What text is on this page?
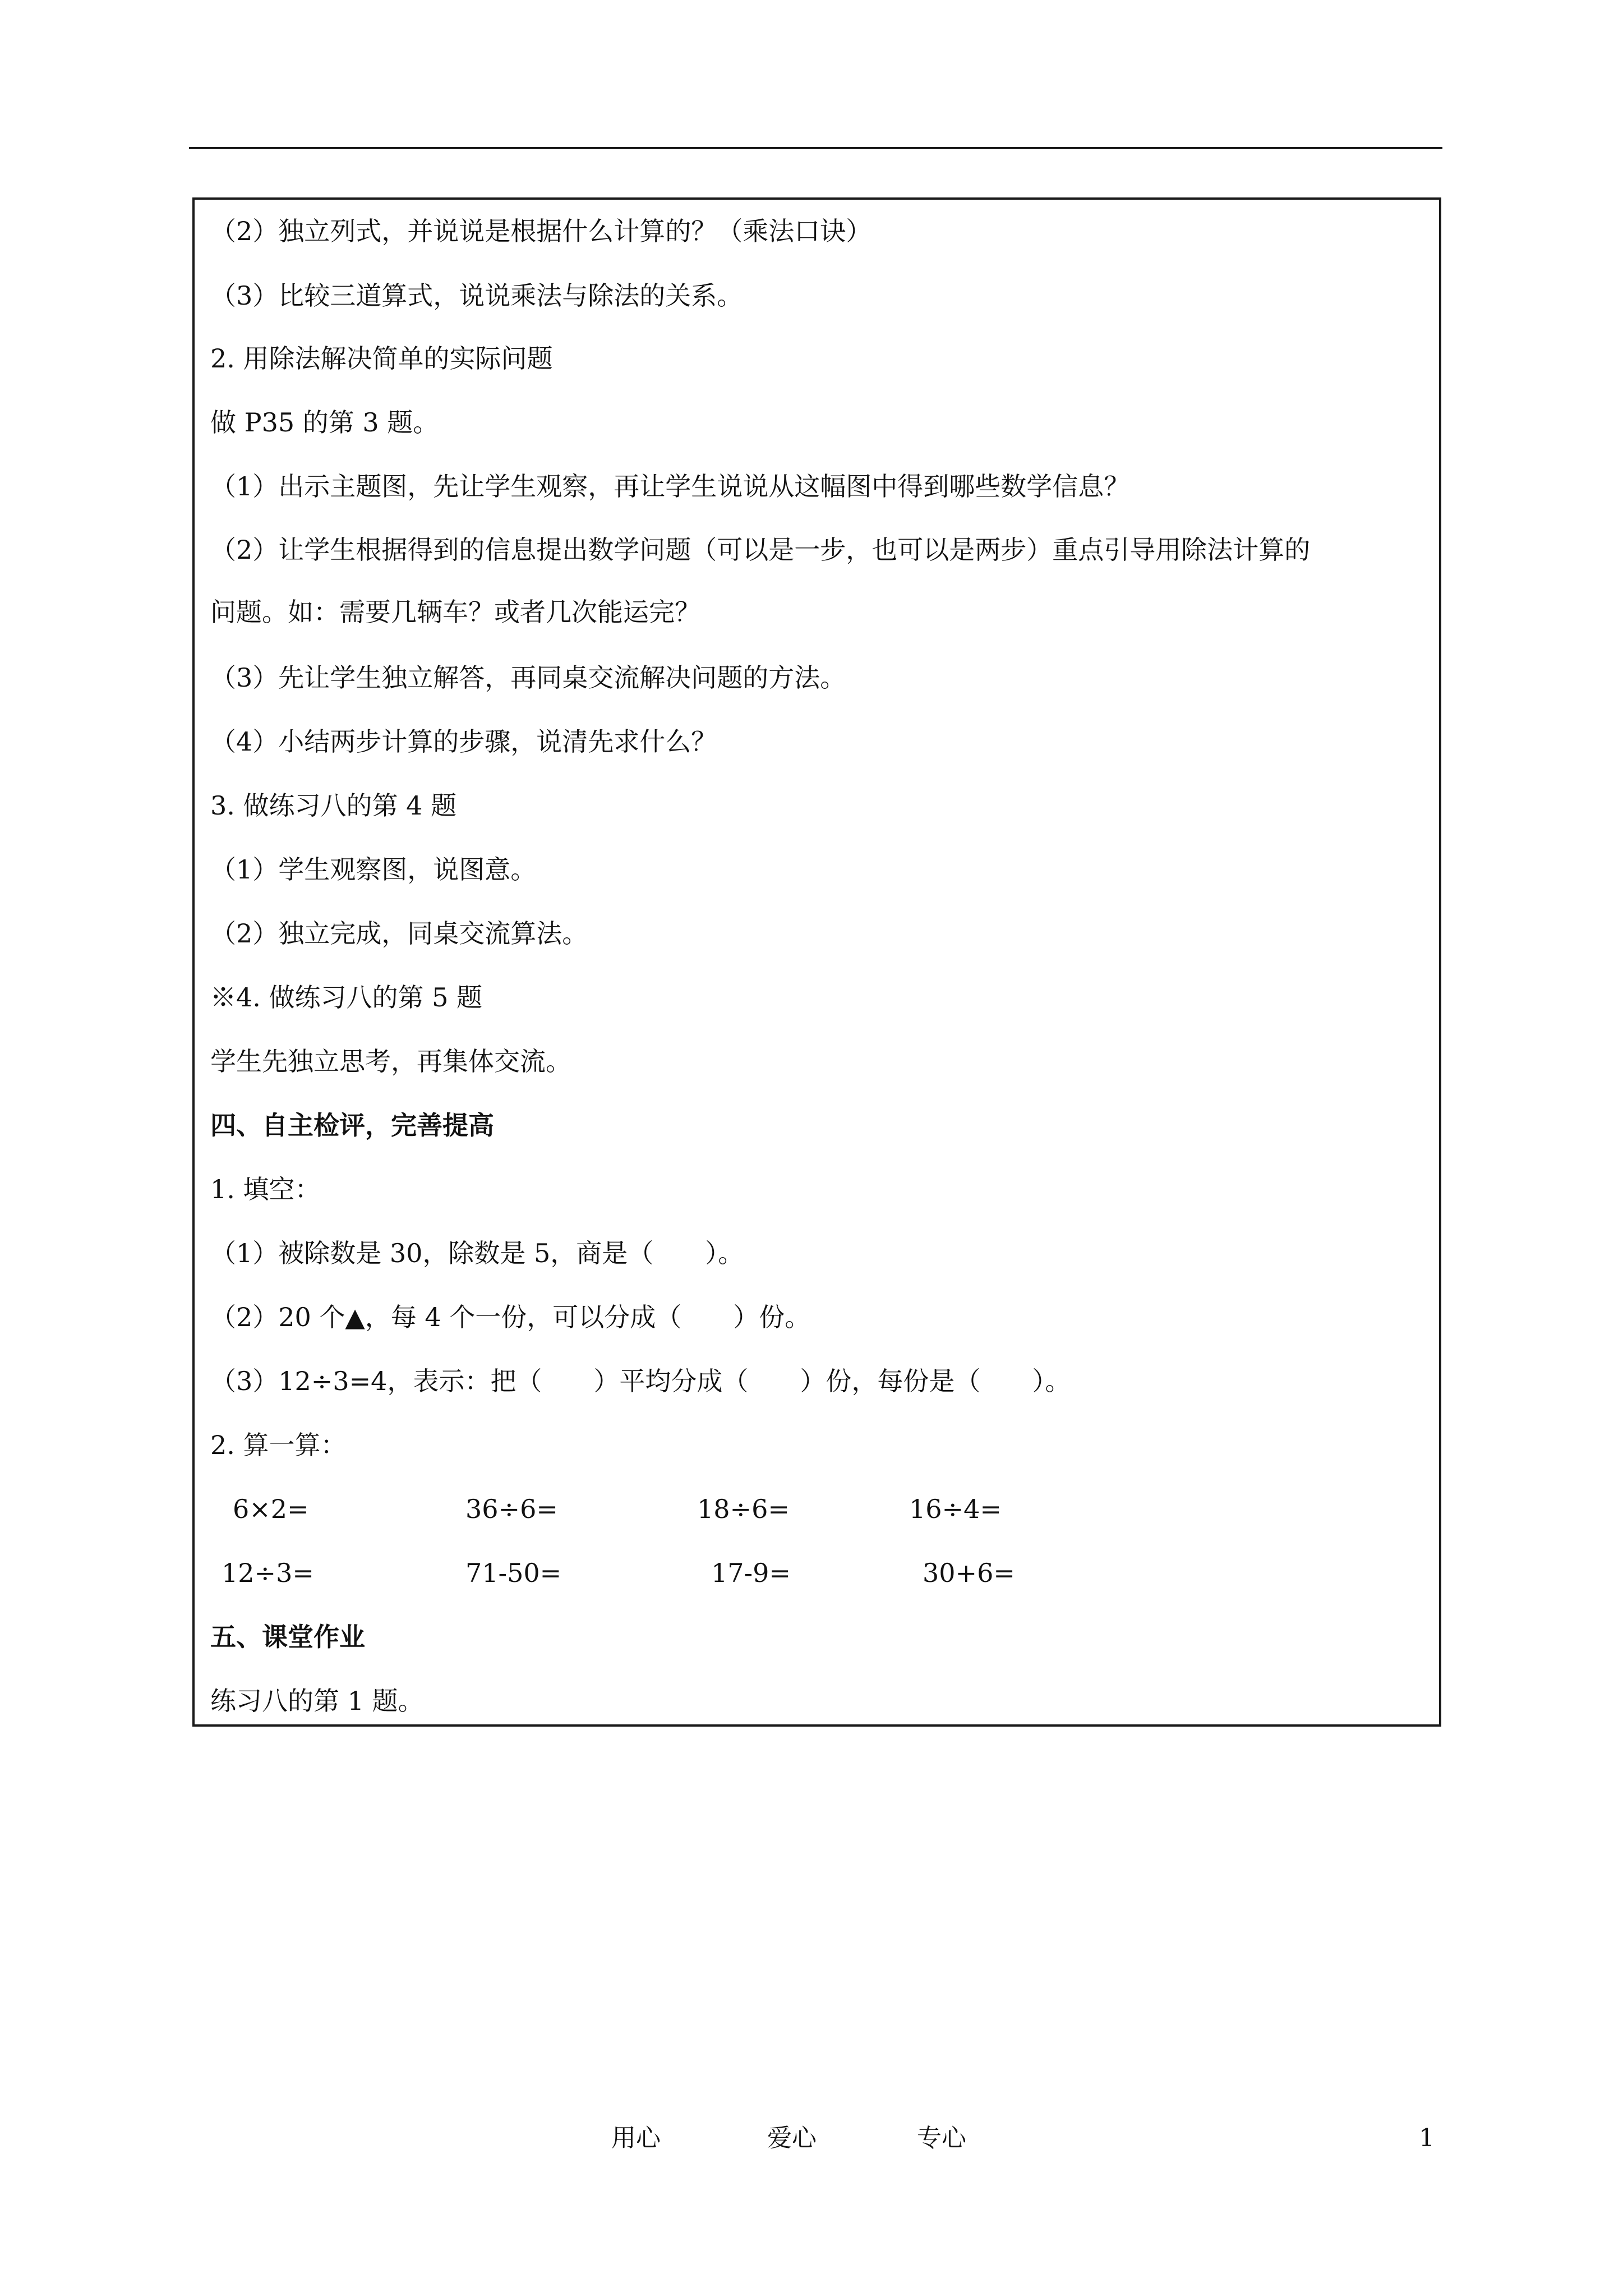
（2）独立列式，并说说是根据什么计算的？（乘法口诀）
（3）比较三道算式，说说乘法与除法的关系。
2. 用除法解决简单的实际问题
做 P35 的第 3 题。
（1）出示主题图，先让学生观察，再让学生说说从这幅图中得到哪些数学信息？
（2）让学生根据得到的信息提出数学问题（可以是一步，也可以是两步）重点引导用除法计算的
问题。如：需要几辆车？或者几次能运完？
（3）先让学生独立解答，再同桌交流解决问题的方法。
（4）小结两步计算的步骤，说清先求什么？
3. 做练习八的第 4 题
（1）学生观察图，说图意。
（2）独立完成，同桌交流算法。
※4. 做练习八的第 5 题
学生先独立思考，再集体交流。
四、自主检评，完善提高
1. 填空：
（1）被除数是 30，除数是 5，商是（　　）。
（2）20 个▲，每 4 个一份，可以分成（　　）份。
（3）12÷3=4，表示：把（　　）平均分成（　　）份，每份是（　　）。
2. 算一算：
6×2=	36÷6=	18÷6=	16÷4=
12÷3=	71-50=	17-9=	30+6=
五、课堂作业
练习八的第 1 题。
用心	爱心	专心	1
